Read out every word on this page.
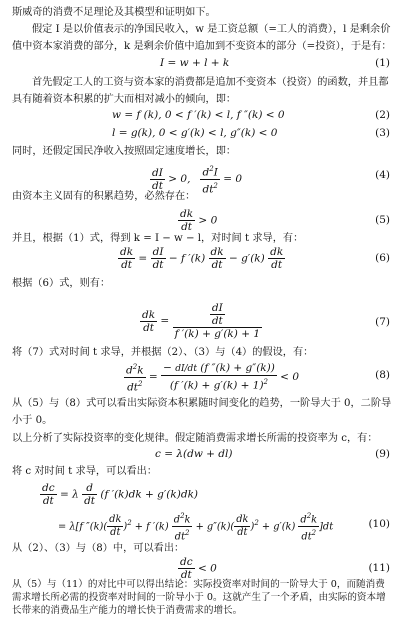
斯威奇的消费不足理论及其模型和证明如下。
假定 I 是以价值表示的净国民收入，w 是工资总额（=工人的消费），l 是剩余价值中资本家消费的部分，k 是剩余价值中追加到不变资本的部分（=投资），于是有：
I = w + l + k	(1)
首先假定工人的工资与资本家的消费都是追加不变资本（投资）的函数，并且都具有随着资本积累的扩大而相对减小的倾向，即：
w = f (k), 0 < f ′(k) < l, f ″(k) < 0	(2)
l = g(k), 0 < g′(k) < l, g″(k) < 0	(3)
同时，还假定国民净收入按照固定速度增长，即：
$\frac{dI}{dt} > 0$, $\frac{d^2I}{dt^2} = 0$	(4)
由资本主义固有的积累趋势，必然存在：
$\frac{dk}{dt} > 0$	(5)
并且，根据（1）式，得到 k = I − w − l，对时间 t 求导，有：
$\frac{dk}{dt} = \frac{dI}{dt} - f$ $'(k) \frac{dk}{dt} - g'(k) \frac{dk}{dt}$	(6)
根据（6）式，则有：
$\frac{dk}{dt} = \frac{\frac{dI}{dt}}{f '(k) + g'(k) + 1}$	(7)
将（7）式对时间 t 求导，并根据（2）、（3）与（4）的假设，有：
$\frac{d^2k}{dt^2} = \frac{- dI/dt (f ''(k) + g''(k))}{(f '(k) + g'(k) + 1)^2} < 0$	(8)
从（5）与（8）式可以看出实际资本积累随时间变化的趋势，一阶导大于 0，二阶导小于 0。
以上分析了实际投资率的变化规律。假定随消费需求增长所需的投资率为 c，有：
c = λ(dw + dl)	(9)
将 c 对时间 t 求导，可以看出：
$\frac{dc}{dt} = \lambda \frac{d}{dt} (f$ ′(k)dk + g′(k)dk)
= λ[f $''(k)( \frac{dk}{dt} )^2 + f$ $'(k) \frac{d^2k}{dt^2} + g''(k)( \frac{dk}{dt} )^2 + g'(k) \frac{d^2k}{dt^2} ]dt$	(10)
从（2）、（3）与（8）中，可以看出：
$\frac{dc}{dt} < 0$	(11)
从（5）与（11）的对比中可以得出结论：实际投资率对时间的一阶导大于 0，而随消费需求增长所必需的投资率对时间的一阶导小于 0。这就产生了一个矛盾，由实际的资本增长带来的消费品生产能力的增长快于消费需求的增长。
